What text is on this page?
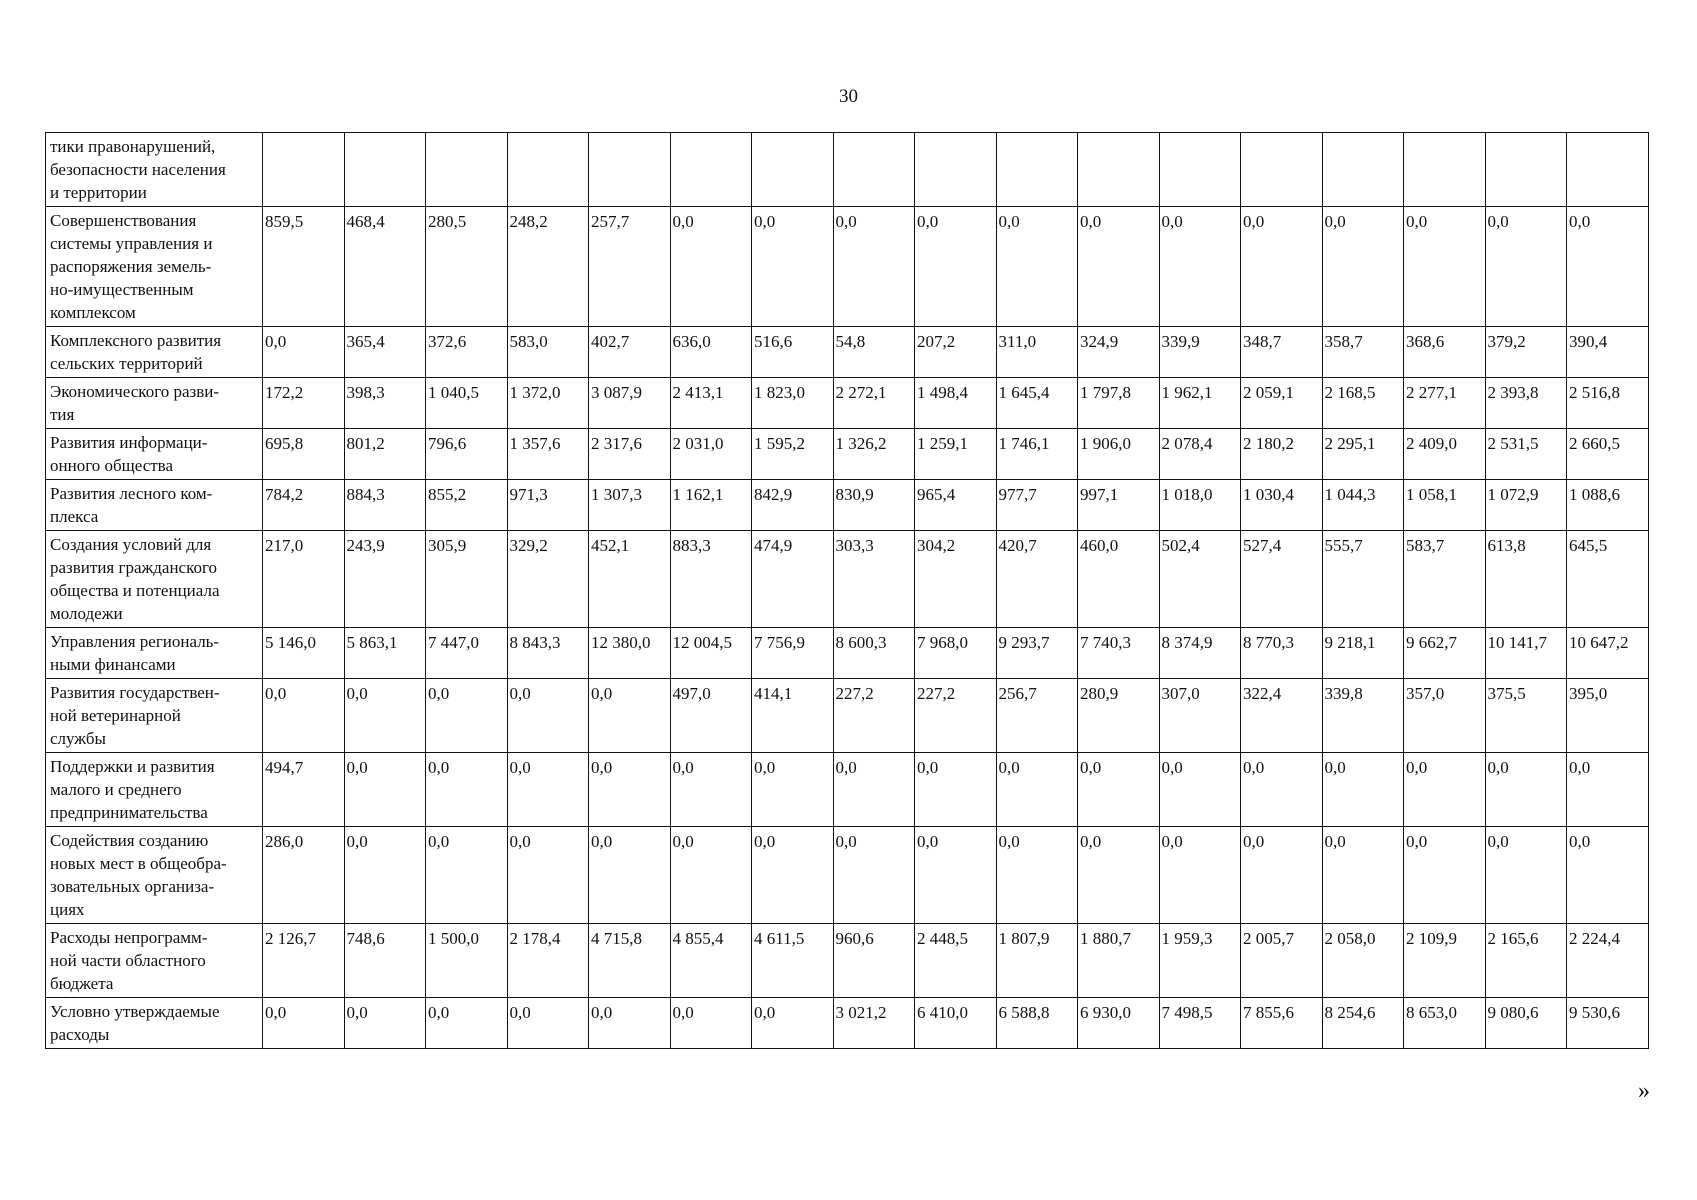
30
тики правонарушений,
безопасности населения
и территории																	
Совершенствования
системы управления и
распоряжения земель-
но-имущественным
комплексом	859,5	468,4	280,5	248,2	257,7	0,0	0,0	0,0	0,0	0,0	0,0	0,0	0,0	0,0	0,0	0,0	0,0
Комплексного развития
сельских территорий	0,0	365,4	372,6	583,0	402,7	636,0	516,6	54,8	207,2	311,0	324,9	339,9	348,7	358,7	368,6	379,2	390,4
Экономического разви-
тия	172,2	398,3	1 040,5	1 372,0	3 087,9	2 413,1	1 823,0	2 272,1	1 498,4	1 645,4	1 797,8	1 962,1	2 059,1	2 168,5	2 277,1	2 393,8	2 516,8
Развития информаци-
онного общества	695,8	801,2	796,6	1 357,6	2 317,6	2 031,0	1 595,2	1 326,2	1 259,1	1 746,1	1 906,0	2 078,4	2 180,2	2 295,1	2 409,0	2 531,5	2 660,5
Развития лесного ком-
плекса	784,2	884,3	855,2	971,3	1 307,3	1 162,1	842,9	830,9	965,4	977,7	997,1	1 018,0	1 030,4	1 044,3	1 058,1	1 072,9	1 088,6
Создания условий для
развития гражданского
общества и потенциала
молодежи	217,0	243,9	305,9	329,2	452,1	883,3	474,9	303,3	304,2	420,7	460,0	502,4	527,4	555,7	583,7	613,8	645,5
Управления региональ-
ными финансами	5 146,0	5 863,1	7 447,0	8 843,3	12 380,0	12 004,5	7 756,9	8 600,3	7 968,0	9 293,7	7 740,3	8 374,9	8 770,3	9 218,1	9 662,7	10 141,7	10 647,2
Развития государствен-
ной ветеринарной
службы	0,0	0,0	0,0	0,0	0,0	497,0	414,1	227,2	227,2	256,7	280,9	307,0	322,4	339,8	357,0	375,5	395,0
Поддержки и развития
малого и среднего
предпринимательства	494,7	0,0	0,0	0,0	0,0	0,0	0,0	0,0	0,0	0,0	0,0	0,0	0,0	0,0	0,0	0,0	0,0
Содействия созданию
новых мест в общеобра-
зовательных организа-
циях	286,0	0,0	0,0	0,0	0,0	0,0	0,0	0,0	0,0	0,0	0,0	0,0	0,0	0,0	0,0	0,0	0,0
Расходы непрограмм-
ной части областного
бюджета	2 126,7	748,6	1 500,0	2 178,4	4 715,8	4 855,4	4 611,5	960,6	2 448,5	1 807,9	1 880,7	1 959,3	2 005,7	2 058,0	2 109,9	2 165,6	2 224,4
Условно утверждаемые
расходы	0,0	0,0	0,0	0,0	0,0	0,0	0,0	3 021,2	6 410,0	6 588,8	6 930,0	7 498,5	7 855,6	8 254,6	8 653,0	9 080,6	9 530,6
»
